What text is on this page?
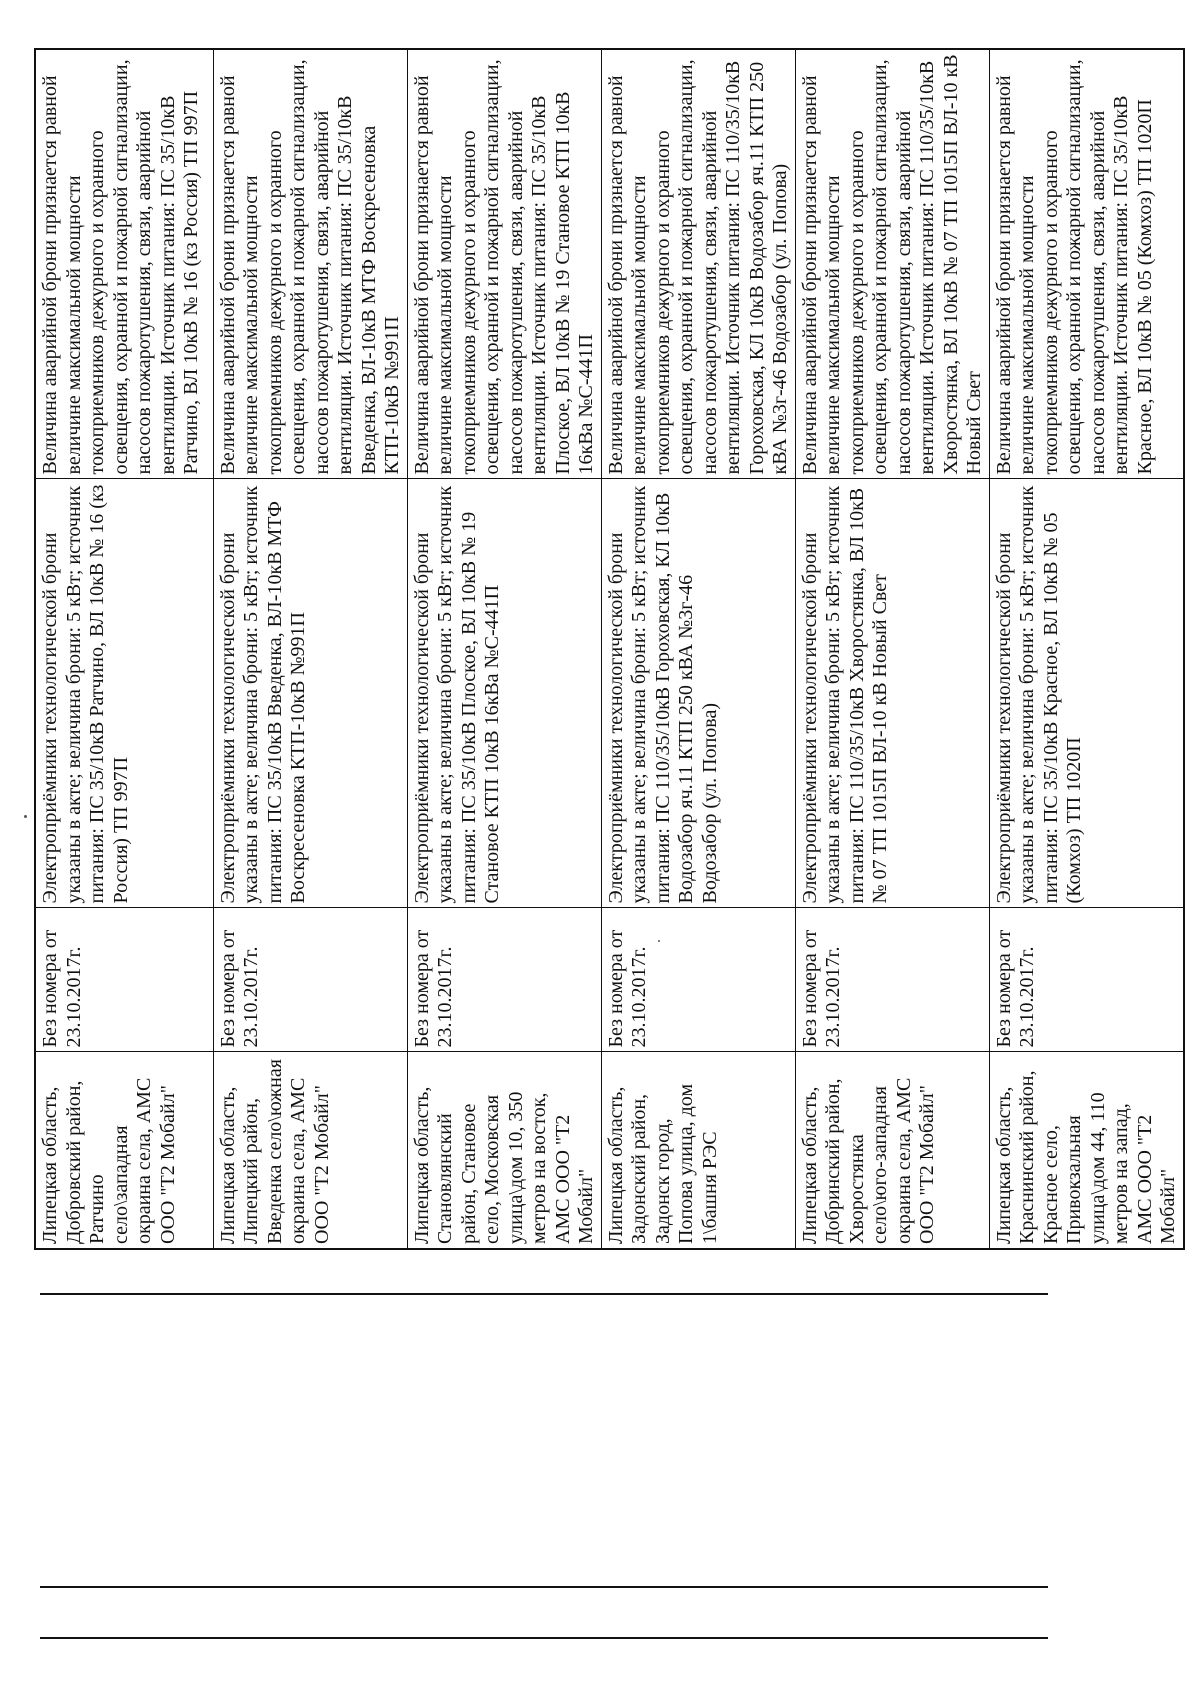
Липецкая область, Добровский район, Ратчино село\западная окраина села, АМС ООО "Т2 Мобайл"	Без номера от 23.10.2017г.	Электроприёмники технологической брони указаны в акте; величина брони: 5 кВт; источник питания: ПС 35/10кВ Ратчино, ВЛ 10кВ № 16 (кз Россия) ТП 997П	Величина аварийной брони признается равной величине максимальной мощности токоприемников дежурного и охранного освещения, охранной и пожарной сигнализации, насосов пожаротушения, связи, аварийной вентиляции. Источник питания: ПС 35/10кВ Ратчино, ВЛ 10кВ № 16 (кз Россия) ТП 997П
Липецкая область, Липецкий район, Введенка село\южная окраина села, АМС ООО "Т2 Мобайл"	Без номера от 23.10.2017г.	Электроприёмники технологической брони указаны в акте; величина брони: 5 кВт; источник питания: ПС 35/10кВ Введенка, ВЛ-10кВ МТФ Воскресеновка КТП-10кВ №991П	Величина аварийной брони признается равной величине максимальной мощности токоприемников дежурного и охранного освещения, охранной и пожарной сигнализации, насосов пожаротушения, связи, аварийной вентиляции. Источник питания: ПС 35/10кВ Введенка, ВЛ-10кВ МТФ Воскресеновка КТП-10кВ №991П
Липецкая область, Становлянский район, Становое село, Московская улица\дом 10, 350 метров на восток, АМС ООО "Т2 Мобайл"	Без номера от 23.10.2017г.	Электроприёмники технологической брони указаны в акте; величина брони: 5 кВт; источник питания: ПС 35/10кВ Плоское, ВЛ 10кВ № 19 Становое КТП 10кВ 16кВа №С-441П	Величина аварийной брони признается равной величине максимальной мощности токоприемников дежурного и охранного освещения, охранной и пожарной сигнализации, насосов пожаротушения, связи, аварийной вентиляции. Источник питания: ПС 35/10кВ Плоское, ВЛ 10кВ № 19 Становое КТП 10кВ 16кВа №С-441П
Липецкая область, Задонский район, Задонск город, Попова улица, дом 1\башня РЭС	Без номера от 23.10.2017г.	Электроприёмники технологической брони указаны в акте; величина брони: 5 кВт; источник питания: ПС 110/35/10кВ Гороховская, КЛ 10кВ Водозабор яч.11 КТП 250 кВА №3г-46 Водозабор (ул. Попова)	Величина аварийной брони признается равной величине максимальной мощности токоприемников дежурного и охранного освещения, охранной и пожарной сигнализации, насосов пожаротушения, связи, аварийной вентиляции. Источник питания: ПС 110/35/10кВ Гороховская, КЛ 10кВ Водозабор яч.11 КТП 250 кВА №3г-46 Водозабор (ул. Попова)
Липецкая область, Добринский район, Хворостянка село\юго-западная окраина села, АМС ООО "Т2 Мобайл"	Без номера от 23.10.2017г.	Электроприёмники технологической брони указаны в акте; величина брони: 5 кВт; источник питания: ПС 110/35/10кВ Хворостянка, ВЛ 10кВ № 07 ТП 1015П ВЛ-10 кВ Новый Свет	Величина аварийной брони признается равной величине максимальной мощности токоприемников дежурного и охранного освещения, охранной и пожарной сигнализации, насосов пожаротушения, связи, аварийной вентиляции. Источник питания: ПС 110/35/10кВ Хворостянка, ВЛ 10кВ № 07 ТП 1015П ВЛ-10 кВ Новый Свет
Липецкая область, Краснинский район, Красное село, Привокзальная улица\дом 44, 110 метров на запад, АМС ООО "Т2 Мобайл"	Без номера от 23.10.2017г.	Электроприёмники технологической брони указаны в акте; величина брони: 5 кВт; источник питания: ПС 35/10кВ Красное, ВЛ 10кВ № 05 (Комхоз) ТП 1020П	Величина аварийной брони признается равной величине максимальной мощности токоприемников дежурного и охранного освещения, охранной и пожарной сигнализации, насосов пожаротушения, связи, аварийной вентиляции. Источник питания: ПС 35/10кВ Красное, ВЛ 10кВ № 05 (Комхоз) ТП 1020П
